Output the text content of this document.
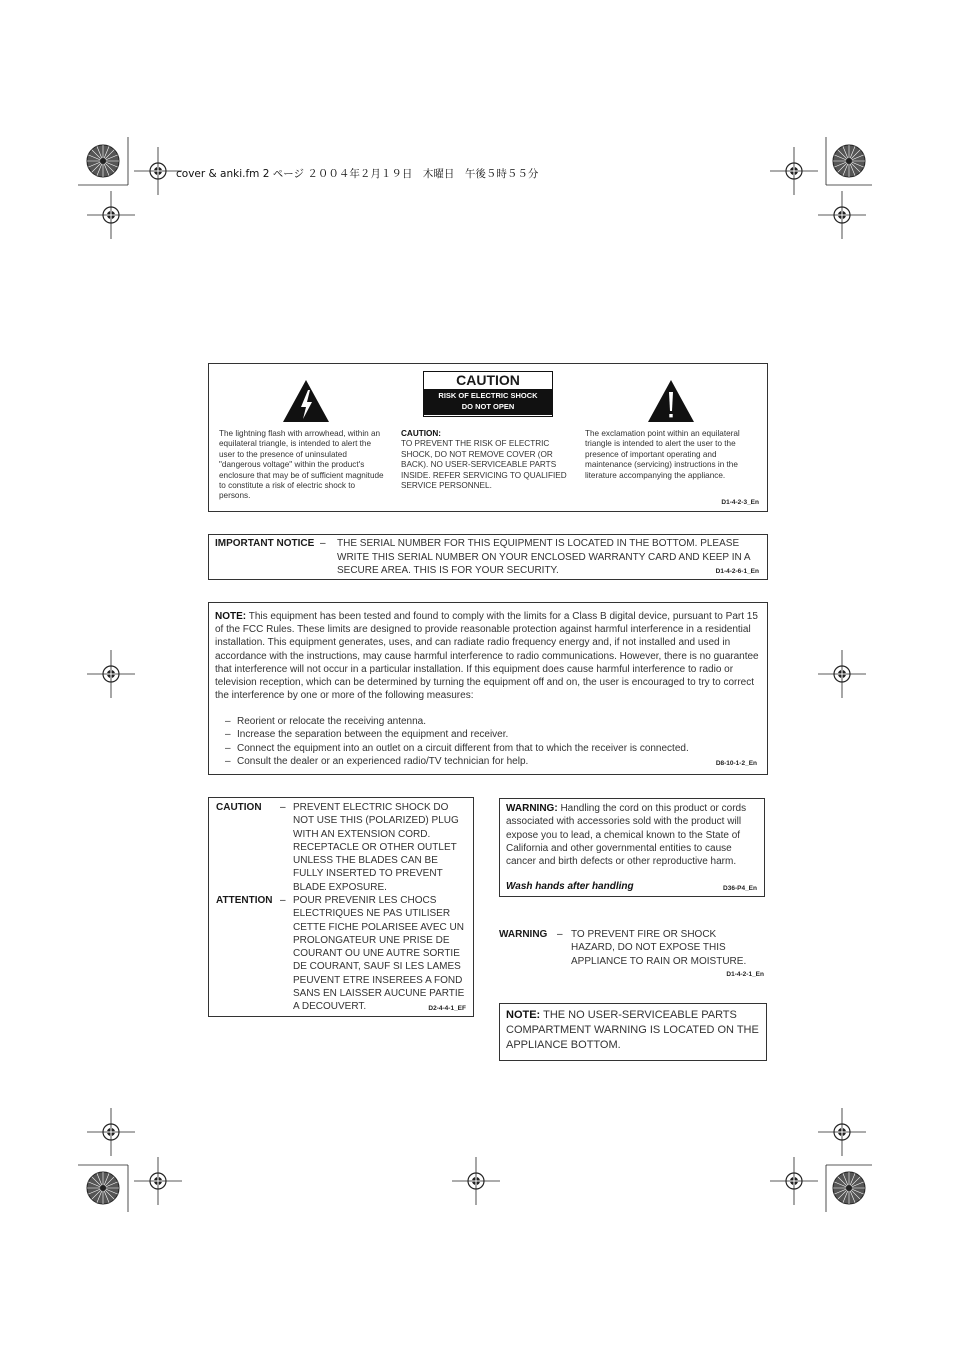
cover & anki.fm 2 ページ ２００４年２月１９日　木曜日　午後５時５５分
CAUTION
RISK OF ELECTRIC SHOCK
DO NOT OPEN
The lightning flash with arrowhead, within an equilateral triangle, is intended to alert the user to the presence of uninsulated "dangerous voltage" within the product's enclosure that may be of sufficient magnitude to constitute a risk of electric shock to persons.
CAUTION:
TO PREVENT THE RISK OF ELECTRIC SHOCK, DO NOT REMOVE COVER (OR BACK). NO USER-SERVICEABLE PARTS INSIDE. REFER SERVICING TO QUALIFIED SERVICE PERSONNEL.
The exclamation point within an equilateral triangle is intended to alert the user to the presence of important operating and maintenance (servicing) instructions in the literature accompanying the appliance.
D1-4-2-3_En
IMPORTANT NOTICE – THE SERIAL NUMBER FOR THIS EQUIPMENT IS LOCATED IN THE BOTTOM. PLEASE WRITE THIS SERIAL NUMBER ON YOUR ENCLOSED WARRANTY CARD AND KEEP IN A SECURE AREA. THIS IS FOR YOUR SECURITY.	D1-4-2-6-1_En
NOTE: This equipment has been tested and found to comply with the limits for a Class B digital device, pursuant to Part 15 of the FCC Rules. These limits are designed to provide reasonable protection against harmful interference in a residential installation. This equipment generates, uses, and can radiate radio frequency energy and, if not installed and used in accordance with the instructions, may cause harmful interference to radio communications. However, there is no guarantee that interference will not occur in a particular installation. If this equipment does cause harmful interference to radio or television reception, which can be determined by turning the equipment off and on, the user is encouraged to try to correct the interference by one or more of the following measures:
– Reorient or relocate the receiving antenna.
– Increase the separation between the equipment and receiver.
– Connect the equipment into an outlet on a circuit different from that to which the receiver is connected.
– Consult the dealer or an experienced radio/TV technician for help.	D8-10-1-2_En
CAUTION – PREVENT ELECTRIC SHOCK DO NOT USE THIS (POLARIZED) PLUG WITH AN EXTENSION CORD. RECEPTACLE OR OTHER OUTLET UNLESS THE BLADES CAN BE FULLY INSERTED TO PREVENT BLADE EXPOSURE.
ATTENTION – POUR PREVENIR LES CHOCS ELECTRIQUES NE PAS UTILISER CETTE FICHE POLARISEE AVEC UN PROLONGATEUR UNE PRISE DE COURANT OU UNE AUTRE SORTIE DE COURANT, SAUF SI LES LAMES PEUVENT ETRE INSEREES A FOND SANS EN LAISSER AUCUNE PARTIE A DECOUVERT.	D2-4-4-1_EF
WARNING: Handling the cord on this product or cords associated with accessories sold with the product will expose you to lead, a chemical known to the State of California and other governmental entities to cause cancer and birth defects or other reproductive harm.
Wash hands after handling	D36-P4_En
WARNING – TO PREVENT FIRE OR SHOCK HAZARD, DO NOT EXPOSE THIS APPLIANCE TO RAIN OR MOISTURE.
D1-4-2-1_En
NOTE: THE NO USER-SERVICEABLE PARTS COMPARTMENT WARNING IS LOCATED ON THE APPLIANCE BOTTOM.
